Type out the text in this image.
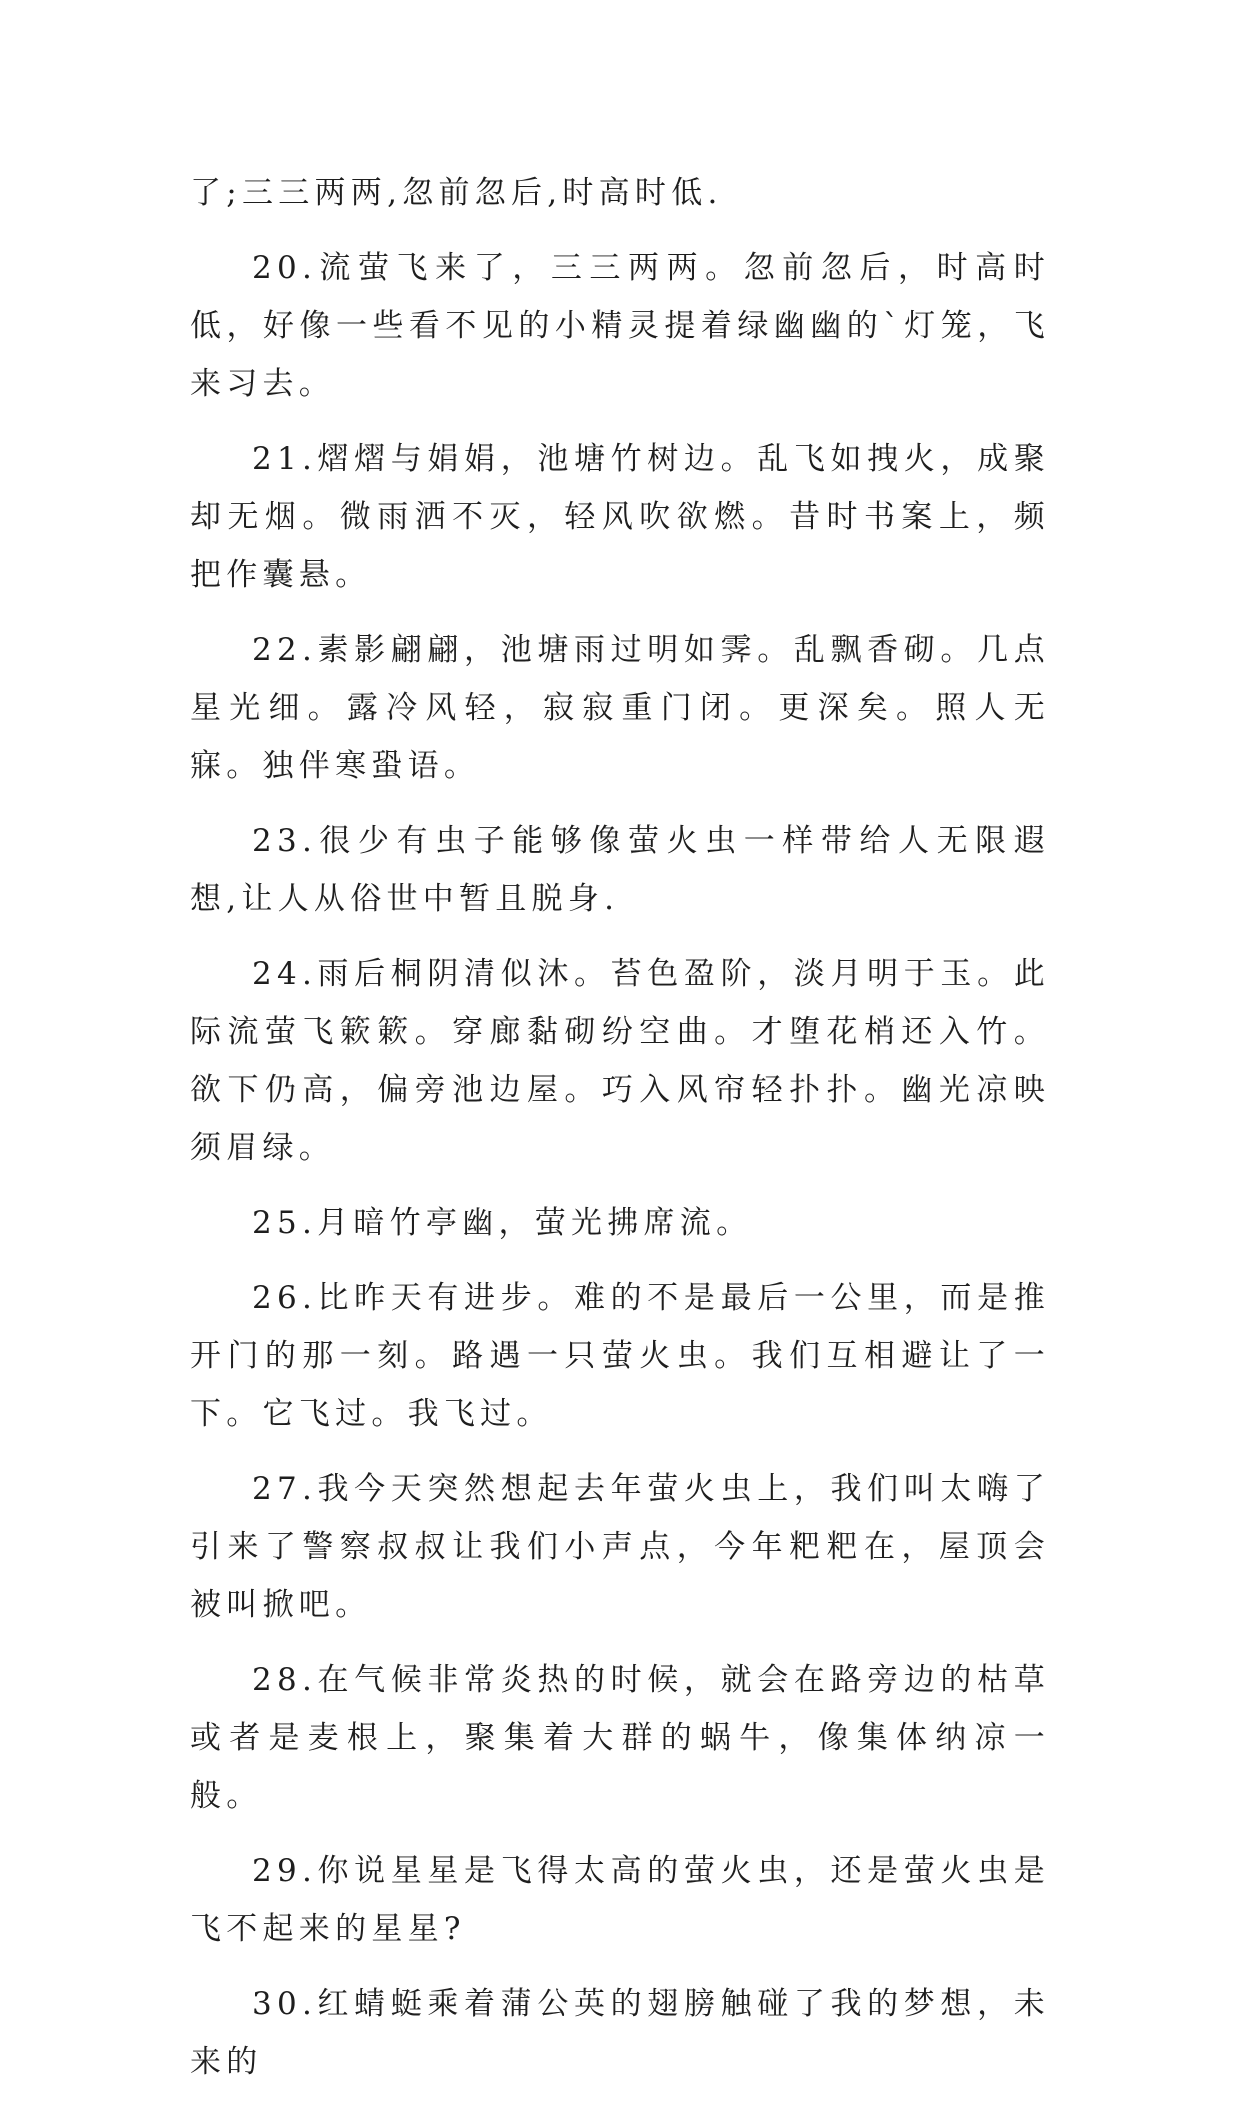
了;三三两两,忽前忽后,时高时低.

20.流萤飞来了，三三两两。忽前忽后，时高时低，好像一些看不见的小精灵提着绿幽幽的`灯笼，飞来习去。

21.熠熠与娟娟，池塘竹树边。乱飞如拽火，成聚却无烟。微雨洒不灭，轻风吹欲燃。昔时书案上，频把作囊悬。

22.素影翩翩，池塘雨过明如霁。乱飘香砌。几点星光细。露冷风轻，寂寂重门闭。更深矣。照人无寐。独伴寒蛩语。

23.很少有虫子能够像萤火虫一样带给人无限遐想,让人从俗世中暂且脱身.

24.雨后桐阴清似沐。苔色盈阶，淡月明于玉。此际流萤飞簌簌。穿廊黏砌纷空曲。才堕花梢还入竹。欲下仍高，偏旁池边屋。巧入风帘轻扑扑。幽光凉映须眉绿。

25.月暗竹亭幽，萤光拂席流。

26.比昨天有进步。难的不是最后一公里，而是推开门的那一刻。路遇一只萤火虫。我们互相避让了一下。它飞过。我飞过。

27.我今天突然想起去年萤火虫上，我们叫太嗨了引来了警察叔叔让我们小声点，今年粑粑在，屋顶会被叫掀吧。

28.在气候非常炎热的时候，就会在路旁边的枯草或者是麦根上，聚集着大群的蜗牛，像集体纳凉一般。

29.你说星星是飞得太高的萤火虫，还是萤火虫是飞不起来的星星?

30.红蜻蜓乘着蒲公英的翅膀触碰了我的梦想，未来的
